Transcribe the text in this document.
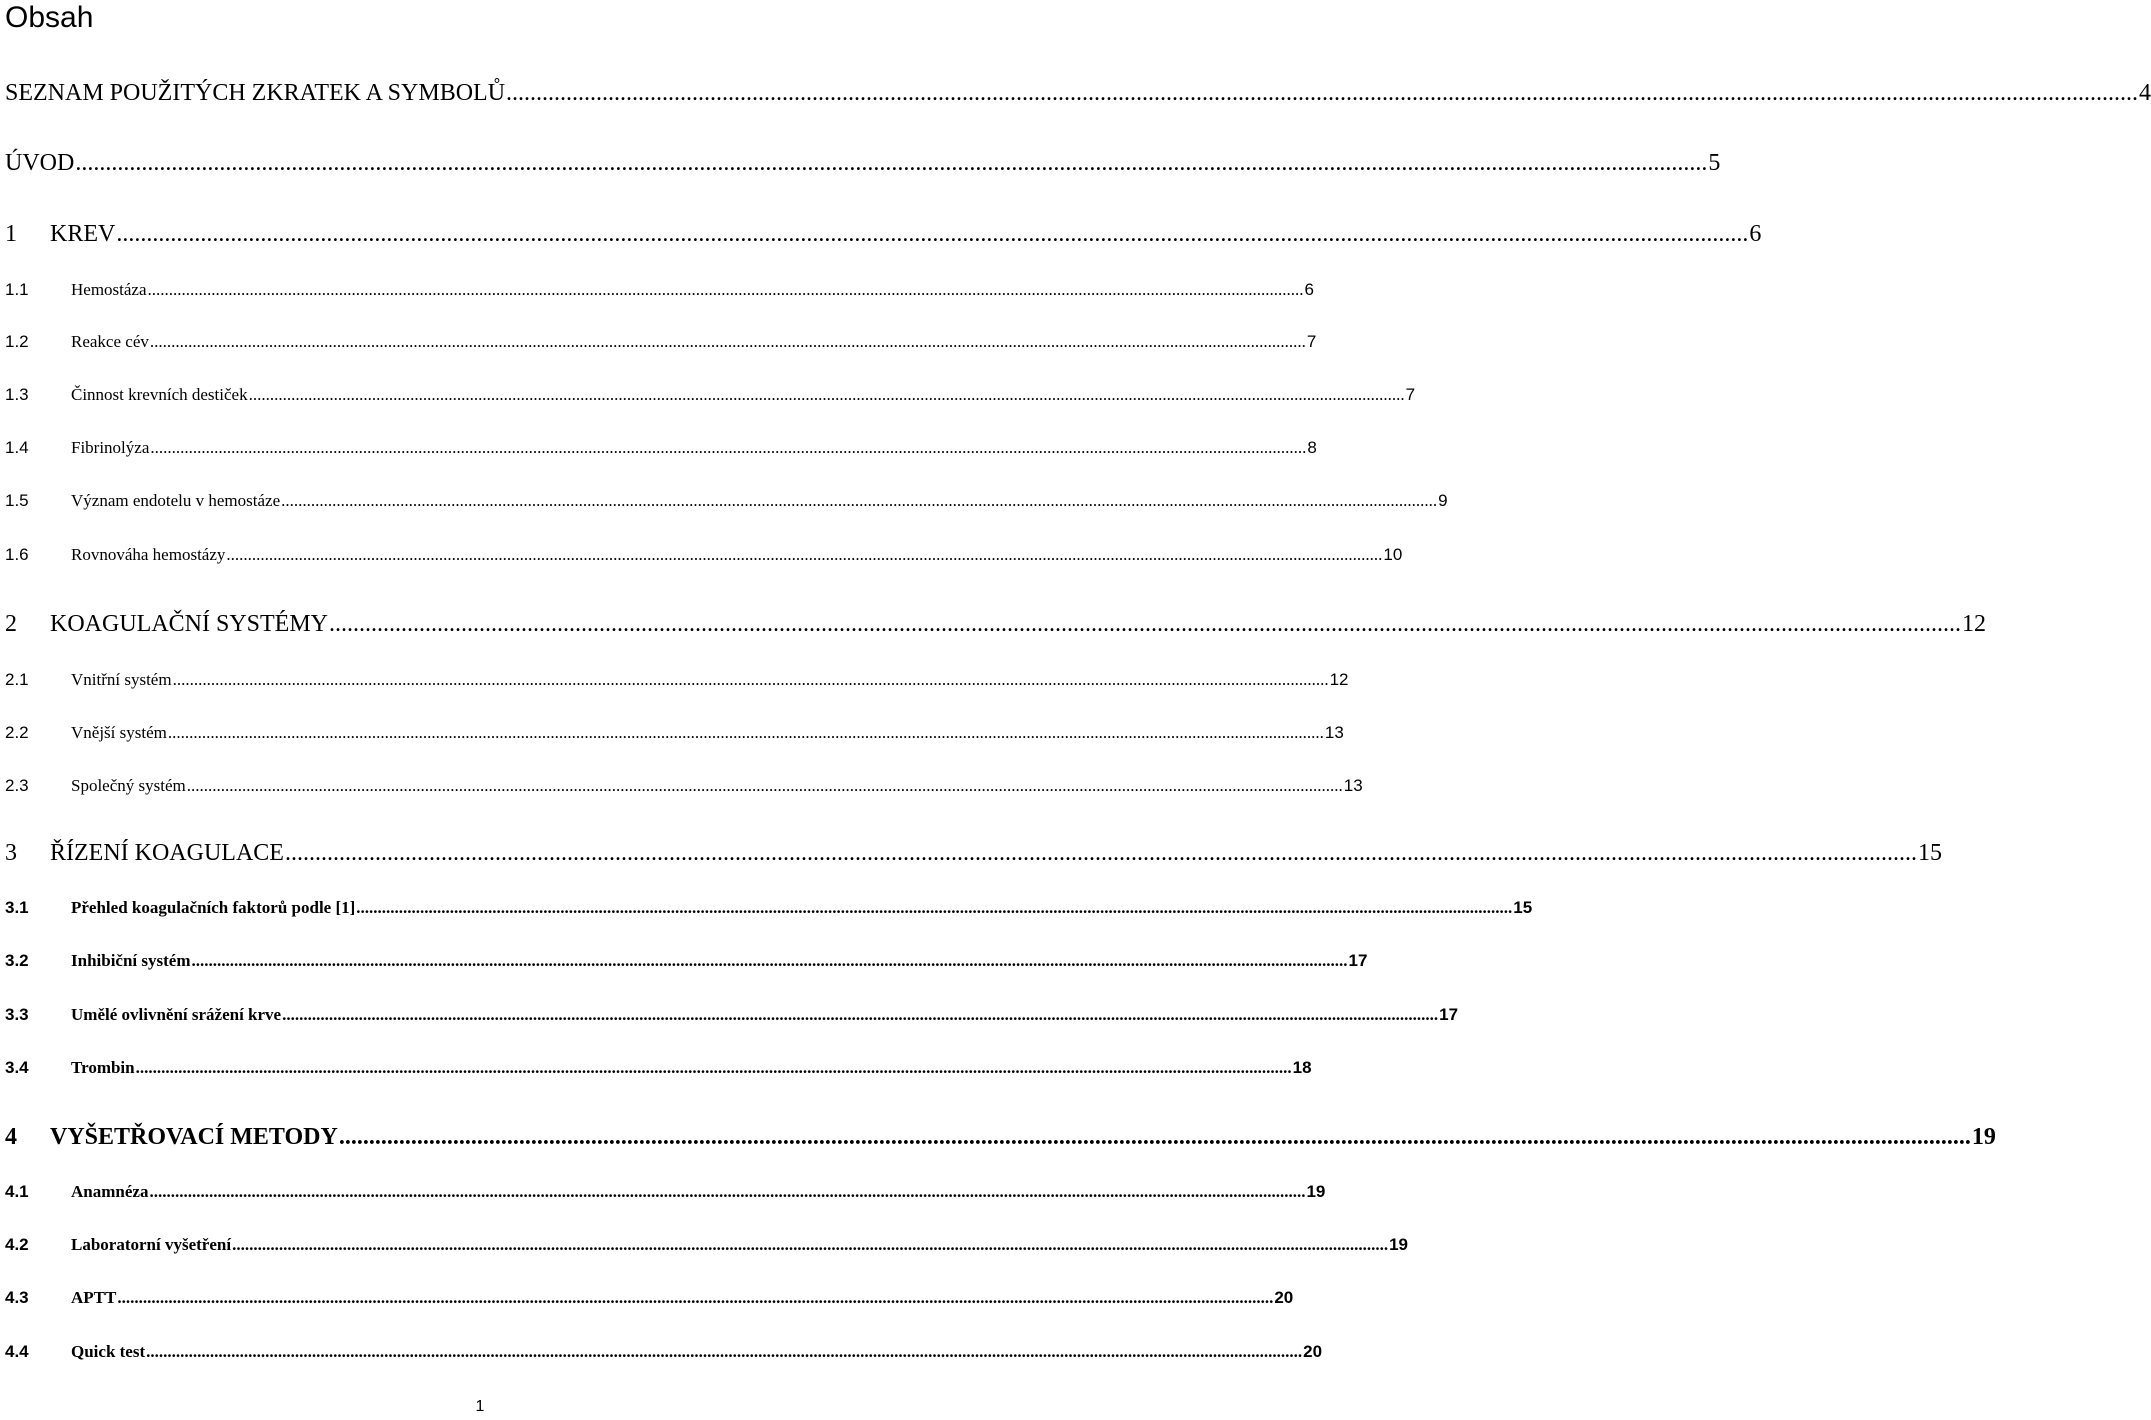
Obsah
SEZNAM POUŽITÝCH ZKRATEK A SYMBOLŮ .....	4
ÚVOD .....	5
1	KREV .....	6
1.1	Hemostáza .....	6
1.2	Reakce cév .....	7
1.3	Činnost krevních destiček .....	7
1.4	Fibrinolýza .....	8
1.5	Význam endotelu v hemostáze .....	9
1.6	Rovnováha hemostázy .....	10
2	KOAGULAČNÍ SYSTÉMY .....	12
2.1	Vnitřní systém .....	12
2.2	Vnější systém .....	13
2.3	Společný systém .....	13
3	ŘÍZENÍ KOAGULACE .....	15
3.1	Přehled koagulačních faktorů podle [1] .....	15
3.2	Inhibiční systém .....	17
3.3	Umělé ovlivnění srážení krve .....	17
3.4	Trombin .....	18
4	VYŠETŘOVACÍ METODY .....	19
4.1	Anamnéza .....	19
4.2	Laboratorní vyšetření .....	19
4.3	APTT .....	20
4.4	Quick test .....	20
1
